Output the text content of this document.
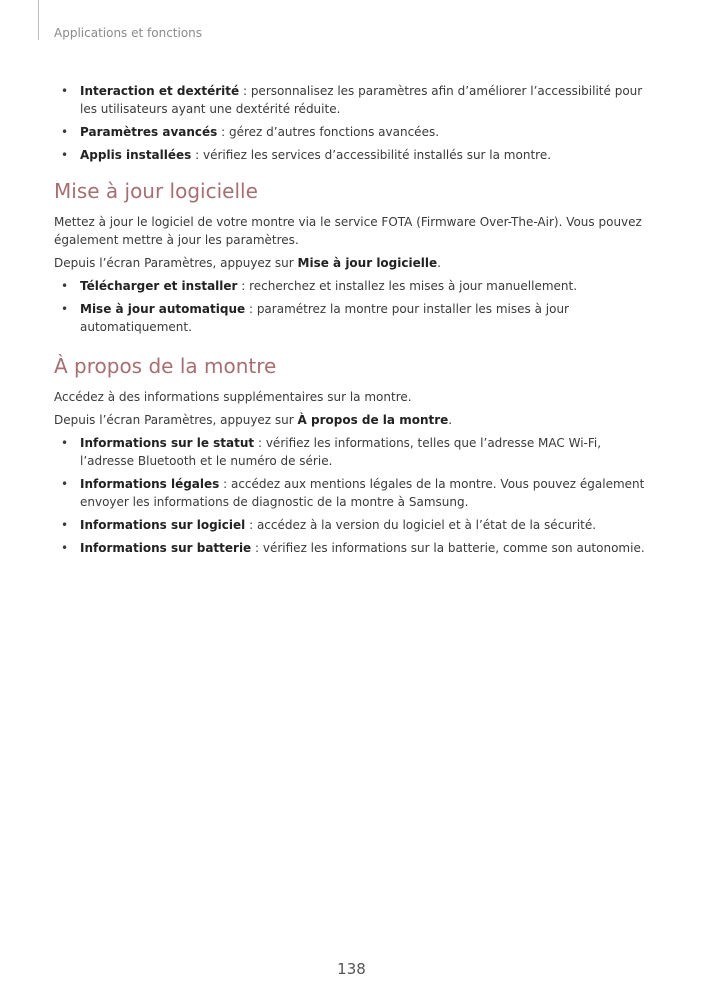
Applications et fonctions
• Interaction et dextérité : personnalisez les paramètres afin d’améliorer l’accessibilité pour les utilisateurs ayant une dextérité réduite.
• Paramètres avancés : gérez d’autres fonctions avancées.
• Applis installées : vérifiez les services d’accessibilité installés sur la montre.
Mise à jour logicielle

Mettez à jour le logiciel de votre montre via le service FOTA (Firmware Over-The-Air). Vous pouvez également mettre à jour les paramètres.

Depuis l’écran Paramètres, appuyez sur Mise à jour logicielle.

• Télécharger et installer : recherchez et installez les mises à jour manuellement.
• Mise à jour automatique : paramétrez la montre pour installer les mises à jour automatiquement.
À propos de la montre

Accédez à des informations supplémentaires sur la montre.

Depuis l’écran Paramètres, appuyez sur À propos de la montre.

• Informations sur le statut : vérifiez les informations, telles que l’adresse MAC Wi-Fi, l’adresse Bluetooth et le numéro de série.
• Informations légales : accédez aux mentions légales de la montre. Vous pouvez également envoyer les informations de diagnostic de la montre à Samsung.
• Informations sur logiciel : accédez à la version du logiciel et à l’état de la sécurité.
• Informations sur batterie : vérifiez les informations sur la batterie, comme son autonomie.
138
